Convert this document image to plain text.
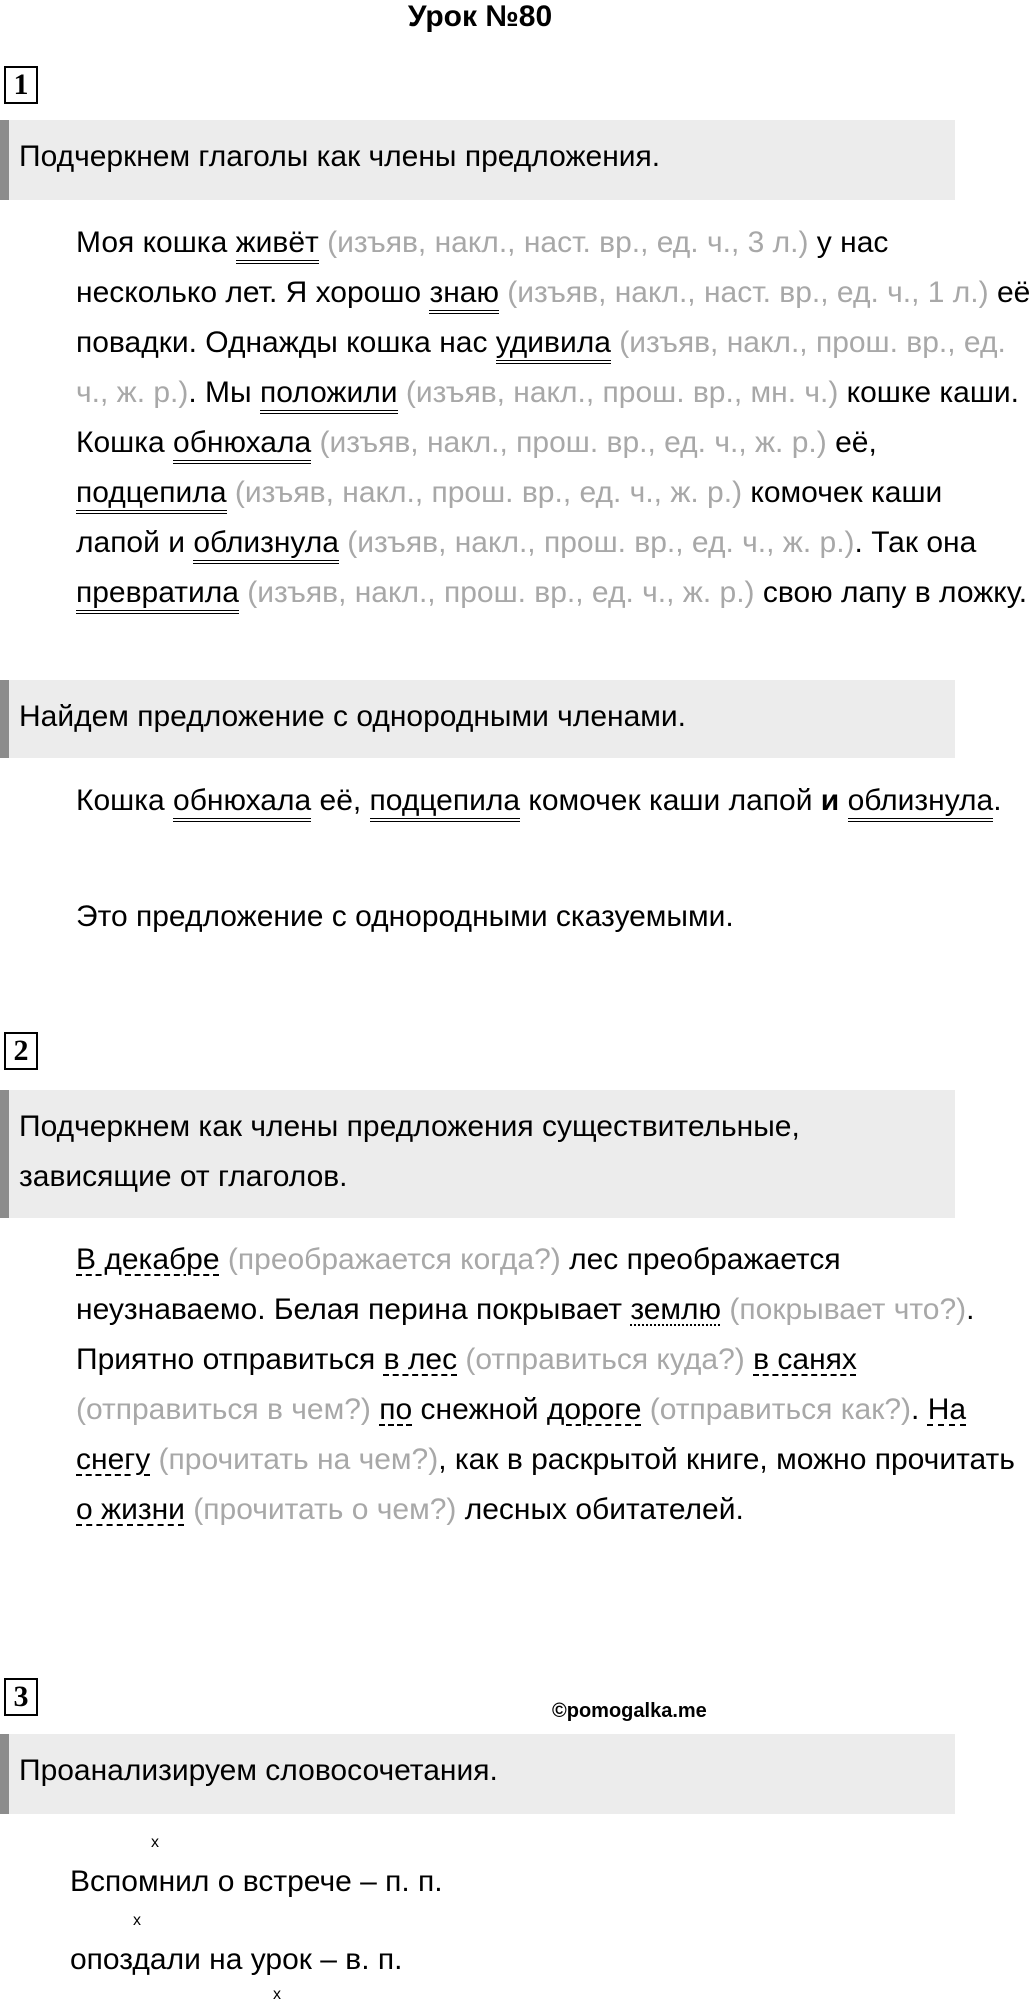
Урок №80
1
Подчеркнем глаголы как члены предложения.
Моя кошка живёт (изъяв, накл., наст. вр., ед. ч., 3 л.) у нас несколько лет. Я хорошо знаю (изъяв, накл., наст. вр., ед. ч., 1 л.) её повадки. Однажды кошка нас удивила (изъяв, накл., прош. вр., ед. ч., ж. р.). Мы положили (изъяв, накл., прош. вр., мн. ч.) кошке каши. Кошка обнюхала (изъяв, накл., прош. вр., ед. ч., ж. р.) её, подцепила (изъяв, накл., прош. вр., ед. ч., ж. р.) комочек каши лапой и облизнула (изъяв, накл., прош. вр., ед. ч., ж. р.). Так она превратила (изъяв, накл., прош. вр., ед. ч., ж. р.) свою лапу в ложку.
Найдем предложение с однородными членами.
Кошка обнюхала её, подцепила комочек каши лапой и облизнула.
Это предложение с однородными сказуемыми.
2
Подчеркнем как члены предложения существительные, зависящие от глаголов.
В декабре (преображается когда?) лес преображается неузнаваемо. Белая перина покрывает землю (покрывает что?). Приятно отправиться в лес (отправиться куда?) в санях (отправиться в чем?) по снежной дороге (отправиться как?). На снегу (прочитать на чем?), как в раскрытой книге, можно прочитать о жизни (прочитать о чем?) лесных обитателей.
3	©pomogalka.me
Проанализируем словосочетания.
x
Вспомнил о встрече – п. п.
x
опоздали на урок – в. п.
x
